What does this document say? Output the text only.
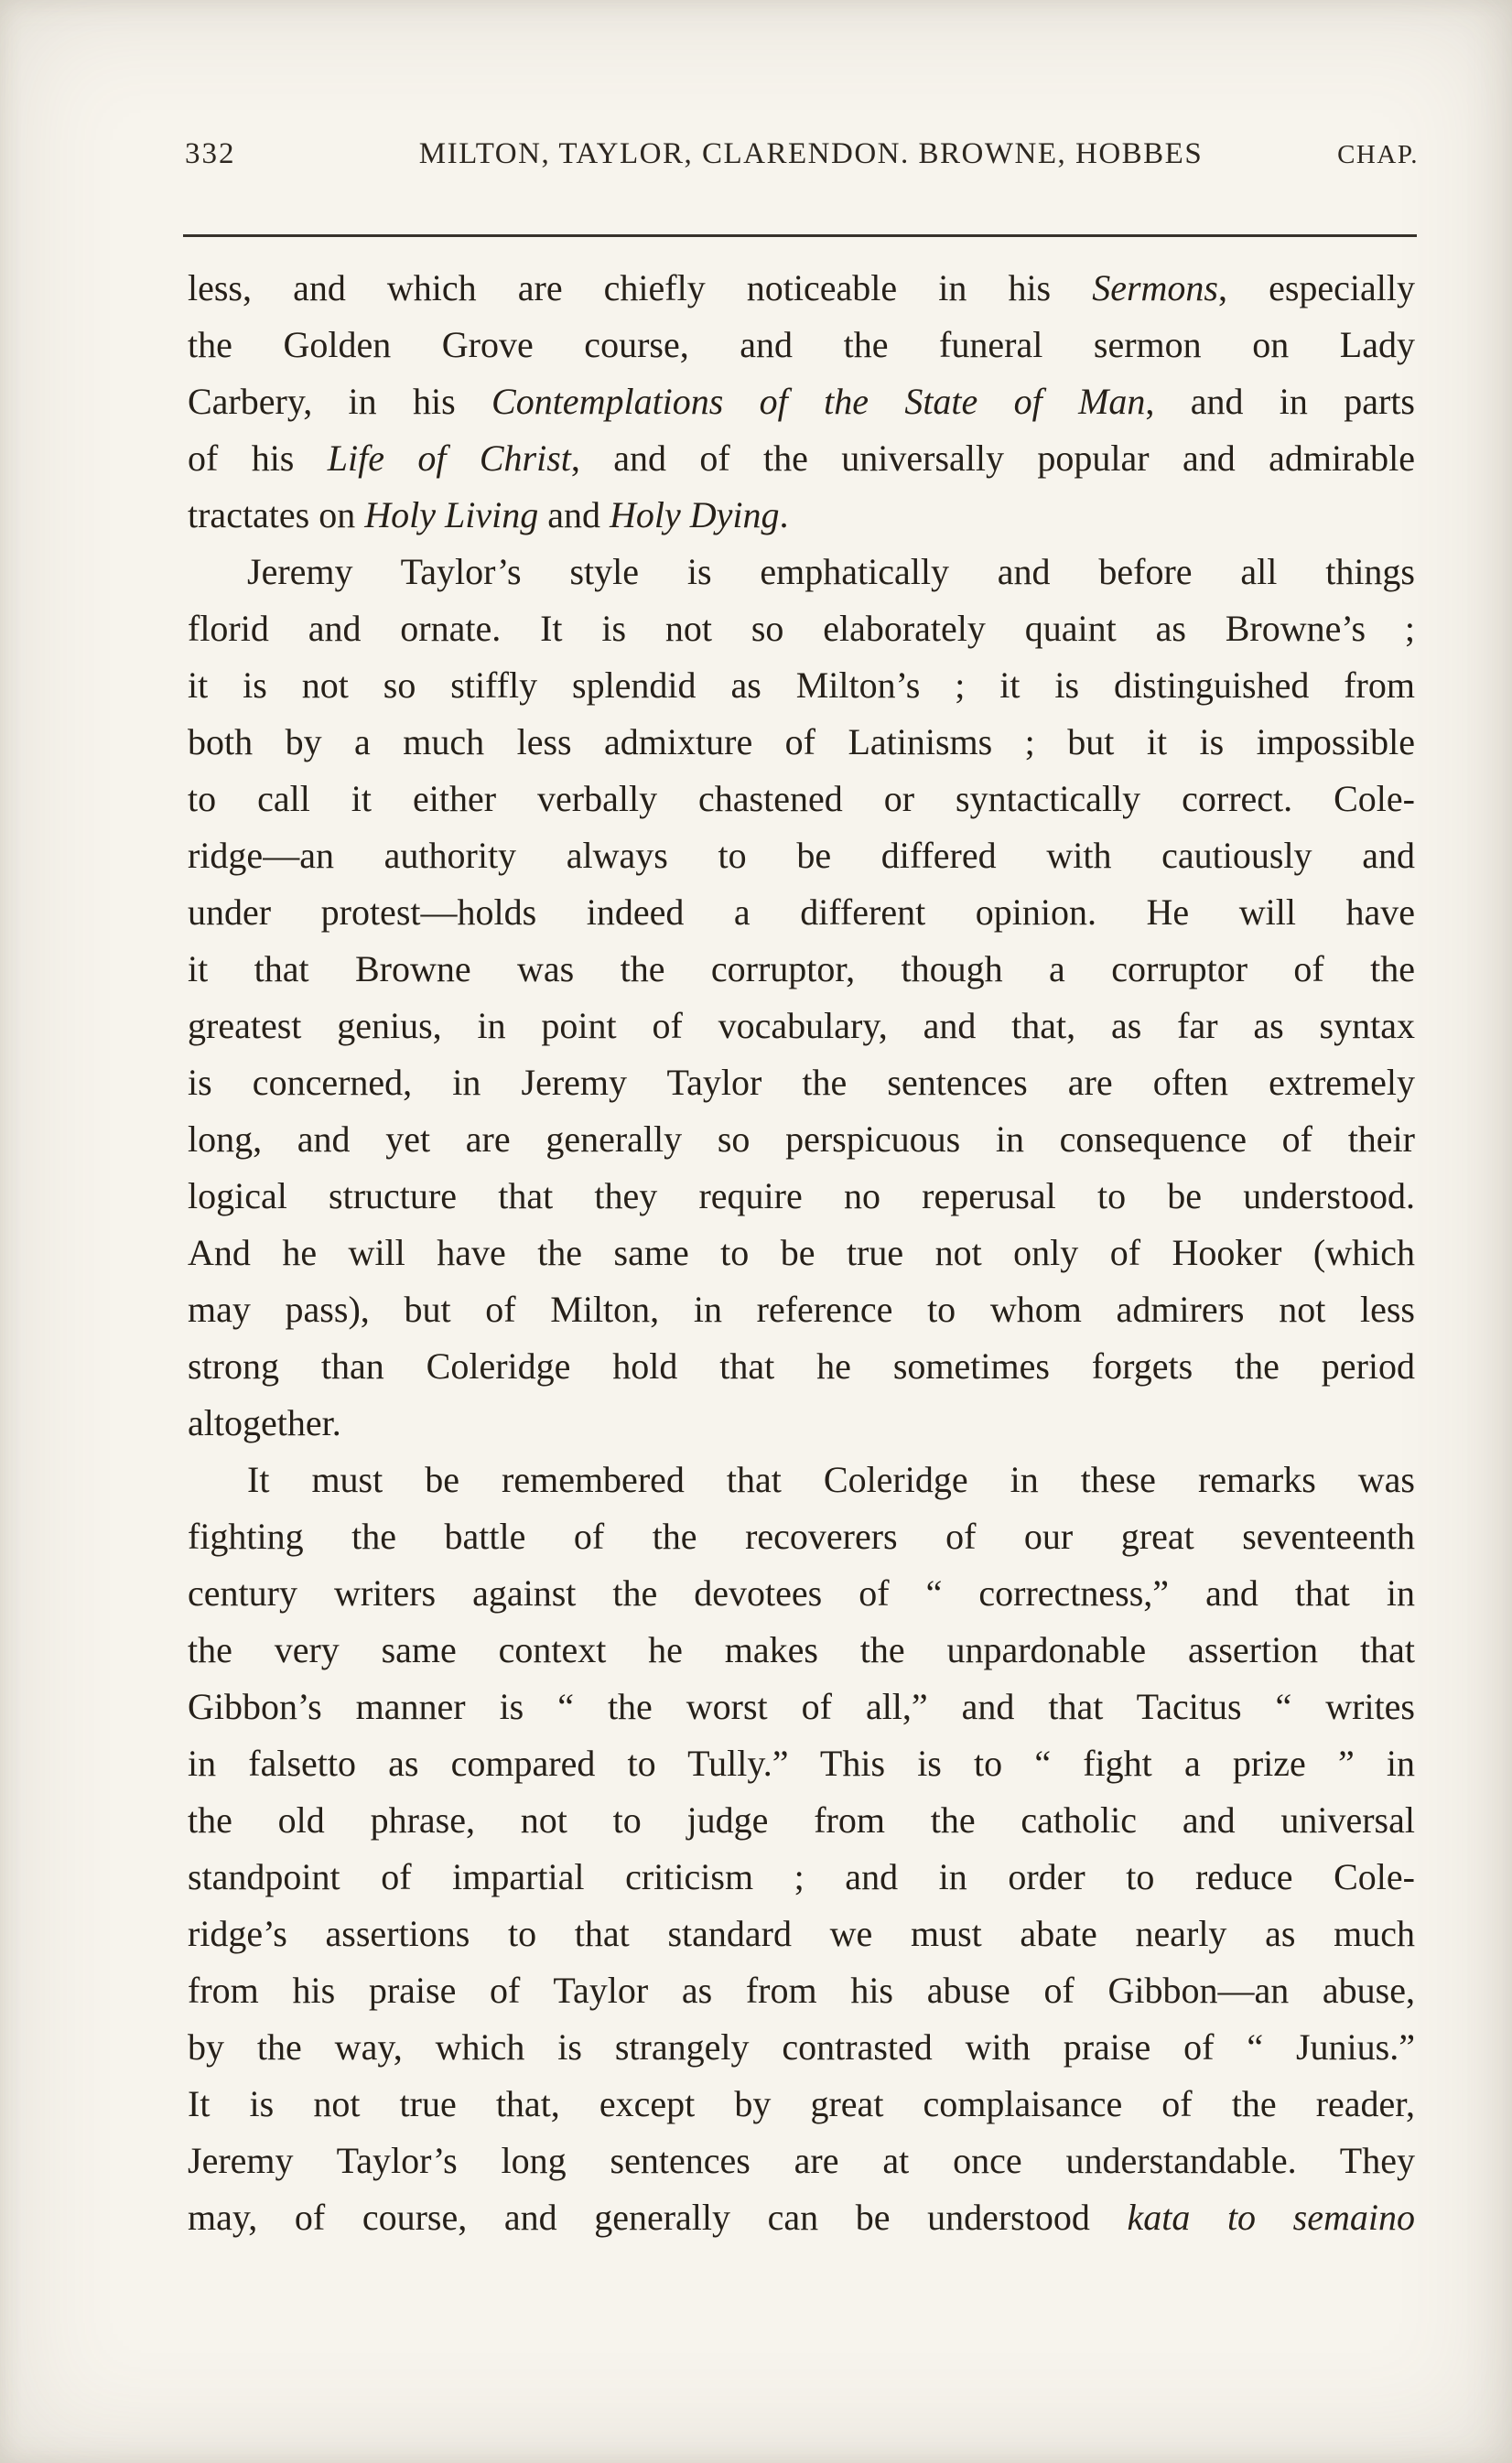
332	MILTON, TAYLOR, CLARENDON. BROWNE, HOBBES	CHAP.
less, and which are chiefly noticeable in his Sermons, especially
the Golden Grove course, and the funeral sermon on Lady
Carbery, in his Contemplations of the State of Man, and in parts
of his Life of Christ, and of the universally popular and admirable
tractates on Holy Living and Holy Dying.
Jeremy Taylor’s style is emphatically and before all things
florid and ornate. It is not so elaborately quaint as Browne’s ;
it is not so stiffly splendid as Milton’s ; it is distinguished from
both by a much less admixture of Latinisms ; but it is impossible
to call it either verbally chastened or syntactically correct. Cole-
ridge—an authority always to be differed with cautiously and
under protest—holds indeed a different opinion. He will have
it that Browne was the corruptor, though a corruptor of the
greatest genius, in point of vocabulary, and that, as far as syntax
is concerned, in Jeremy Taylor the sentences are often extremely
long, and yet are generally so perspicuous in consequence of their
logical structure that they require no reperusal to be understood.
And he will have the same to be true not only of Hooker (which
may pass), but of Milton, in reference to whom admirers not less
strong than Coleridge hold that he sometimes forgets the period
altogether.
It must be remembered that Coleridge in these remarks was
fighting the battle of the recoverers of our great seventeenth
century writers against the devotees of “ correctness,” and that in
the very same context he makes the unpardonable assertion that
Gibbon’s manner is “ the worst of all,” and that Tacitus “ writes
in falsetto as compared to Tully.” This is to “ fight a prize ” in
the old phrase, not to judge from the catholic and universal
standpoint of impartial criticism ; and in order to reduce Cole-
ridge’s assertions to that standard we must abate nearly as much
from his praise of Taylor as from his abuse of Gibbon—an abuse,
by the way, which is strangely contrasted with praise of “ Junius.”
It is not true that, except by great complaisance of the reader,
Jeremy Taylor’s long sentences are at once understandable. They
may, of course, and generally can be understood kata to semaino
